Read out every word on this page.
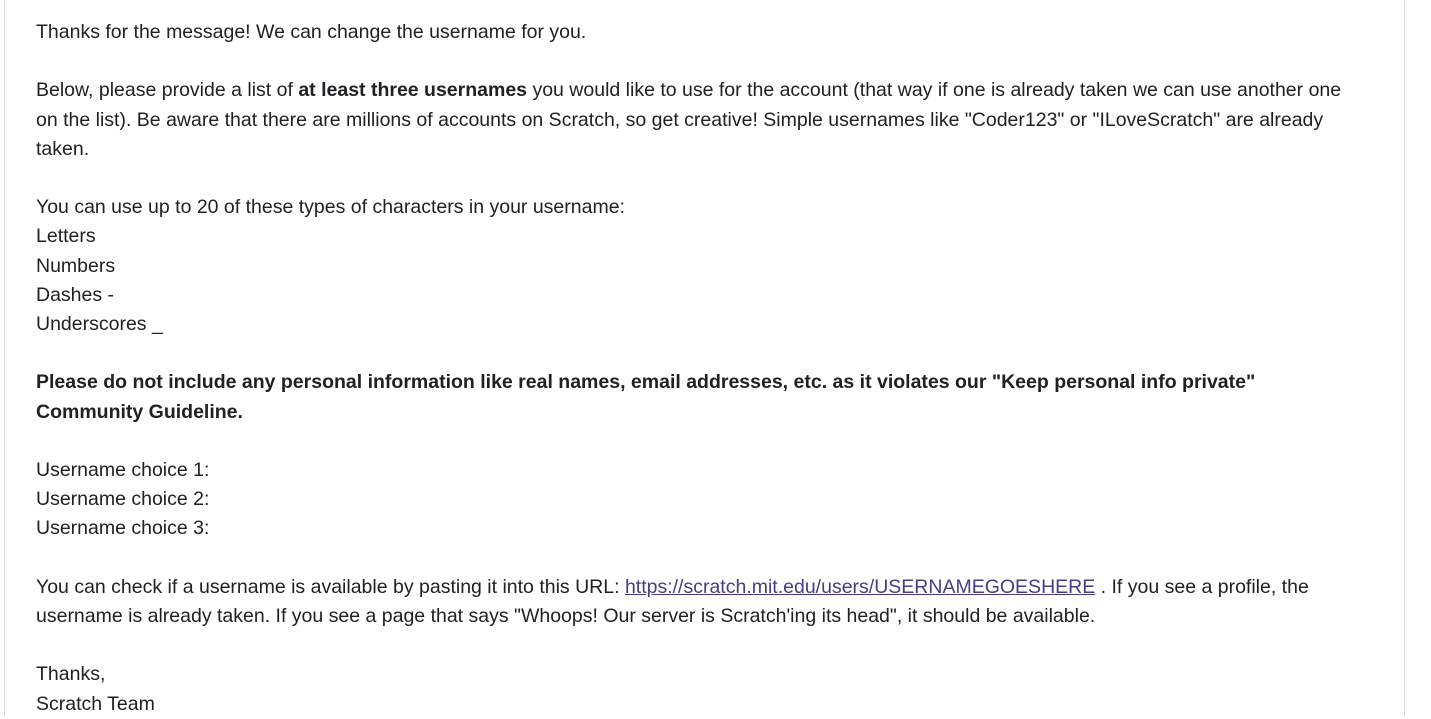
Thanks for the message! We can change the username for you.

Below, please provide a list of at least three usernames you would like to use for the account (that way if one is already taken we can use another one on the list). Be aware that there are millions of accounts on Scratch, so get creative! Simple usernames like "Coder123" or "ILoveScratch" are already taken.

You can use up to 20 of these types of characters in your username:

Letters

Numbers

Dashes -

Underscores _

Please do not include any personal information like real names, email addresses, etc. as it violates our "Keep personal info private" Community Guideline.

Username choice 1:

Username choice 2:

Username choice 3:

You can check if a username is available by pasting it into this URL: https://scratch.mit.edu/users/USERNAMEGOESHERE . If you see a profile, the username is already taken. If you see a page that says "Whoops! Our server is Scratch'ing its head", it should be available.

Thanks,

Scratch Team
